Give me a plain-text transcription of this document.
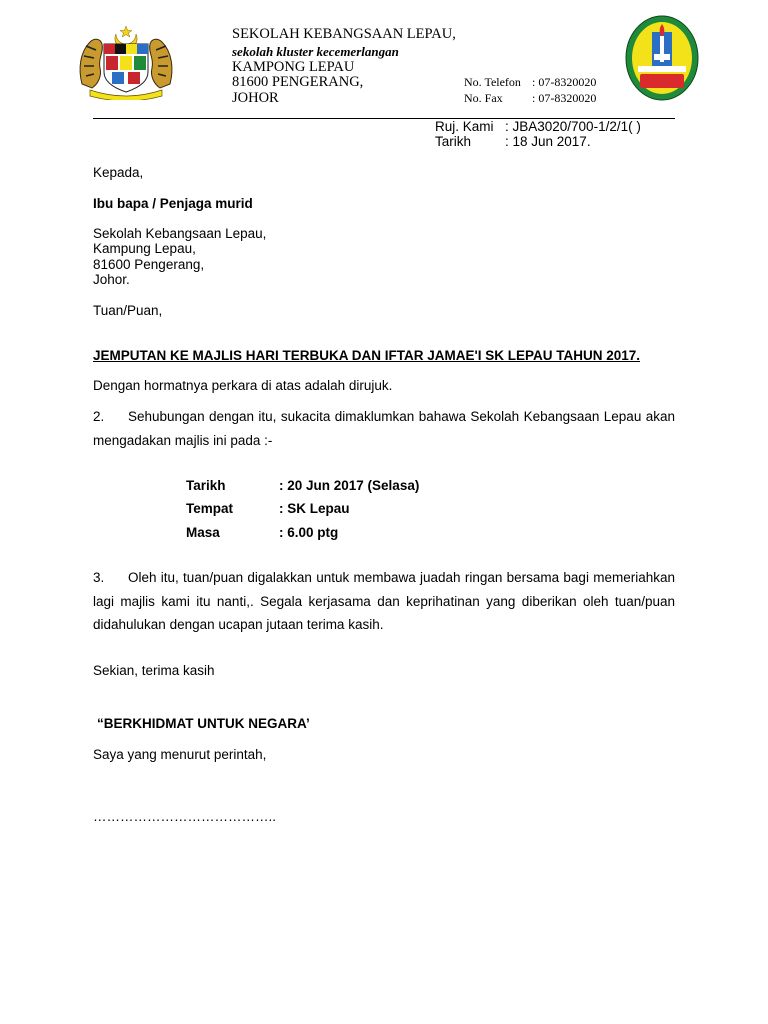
SEKOLAH KEBANGSAAN LEPAU,
sekolah kluster kecemerlangan
KAMPONG LEPAU
81600 PENGERANG,
JOHOR
No. Telefon : 07-8320020
No. Fax : 07-8320020
Ruj. Kami : JBA3020/700-1/2/1( )
Tarikh	: 18 Jun 2017.
Kepada,
Ibu bapa / Penjaga murid
Sekolah Kebangsaan Lepau,
Kampung Lepau,
81600 Pengerang,
Johor.
Tuan/Puan,
JEMPUTAN KE MAJLIS HARI TERBUKA DAN IFTAR JAMAE'I SK LEPAU TAHUN 2017.
Dengan hormatnya perkara di atas adalah dirujuk.
2. Sehubungan dengan itu, sukacita dimaklumkan bahawa Sekolah Kebangsaan Lepau akan mengadakan majlis ini pada :-
Tarikh	: 20 Jun 2017 (Selasa)
Tempat	: SK Lepau
Masa	: 6.00 ptg
3. Oleh itu, tuan/puan digalakkan untuk membawa juadah ringan bersama bagi memeriahkan lagi majlis kami itu nanti,. Segala kerjasama dan keprihatinan yang diberikan oleh tuan/puan didahulukan dengan ucapan jutaan terima kasih.
Sekian, terima kasih
“BERKHIDMAT UNTUK NEGARA’
Saya yang menurut perintah,
…………………………………..
